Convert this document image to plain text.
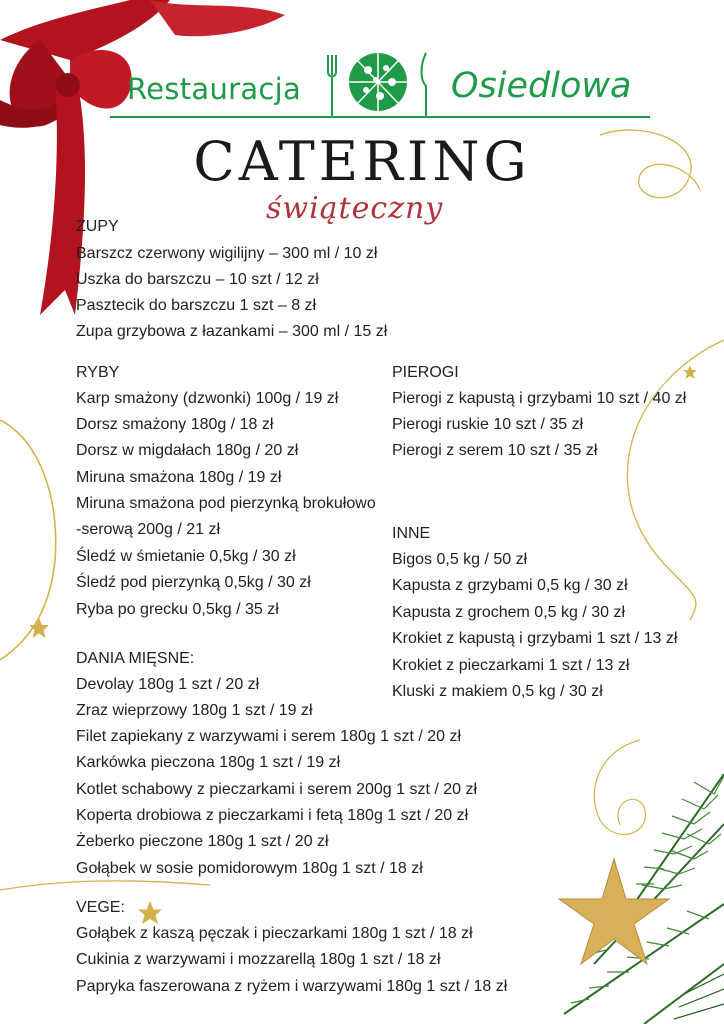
Restauracja	Osiedlowa
CATERING
świąteczny
ZUPY
Barszcz czerwony wigilijny – 300 ml / 10 zł
Uszka do barszczu – 10 szt / 12 zł
Pasztecik do barszczu 1 szt – 8 zł
Zupa grzybowa z łazankami – 300 ml / 15 zł
RYBY
Karp smażony (dzwonki) 100g / 19 zł
Dorsz smażony 180g / 18 zł
Dorsz w migdałach 180g / 20 zł
Miruna smażona 180g / 19 zł
Miruna smażona pod pierzynką brokułowo
-serową 200g / 21 zł
Śledź w śmietanie 0,5kg / 30 zł
Śledź pod pierzynką 0,5kg / 30 zł
Ryba po grecku 0,5kg / 35 zł
PIEROGI
Pierogi z kapustą i grzybami 10 szt / 40 zł
Pierogi ruskie 10 szt / 35 zł
Pierogi z serem 10 szt / 35 zł
INNE
Bigos 0,5 kg / 50 zł
Kapusta z grzybami 0,5 kg / 30 zł
Kapusta z grochem 0,5 kg / 30 zł
Krokiet z kapustą i grzybami 1 szt / 13 zł
Krokiet z pieczarkami 1 szt / 13 zł
Kluski z makiem 0,5 kg / 30 zł
DANIA MIĘSNE:
Devolay 180g 1 szt / 20 zł
Zraz wieprzowy 180g 1 szt / 19 zł
Filet zapiekany z warzywami i serem 180g 1 szt / 20 zł
Karkówka pieczona 180g 1 szt / 19 zł
Kotlet schabowy z pieczarkami i serem 200g 1 szt / 20 zł
Koperta drobiowa z pieczarkami i fetą 180g 1 szt / 20 zł
Żeberko pieczone 180g 1 szt / 20 zł
Gołąbek w sosie pomidorowym 180g 1 szt / 18 zł
VEGE:
Gołąbek z kaszą pęczak i pieczarkami 180g 1 szt / 18 zł
Cukinia z warzywami i mozzarellą 180g 1 szt / 18 zł
Papryka faszerowana z ryżem i warzywami 180g 1 szt / 18 zł
